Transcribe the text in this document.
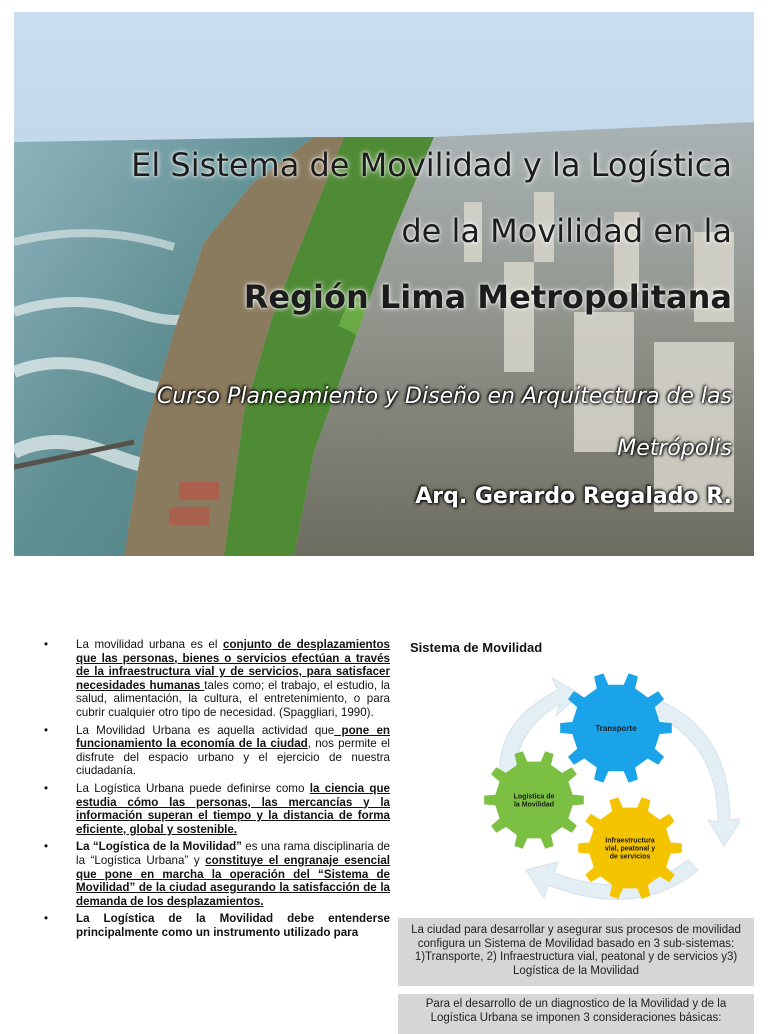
El Sistema de Movilidad y la Logística
de la Movilidad en la
Región Lima Metropolitana
Curso Planeamiento y Diseño en Arquitectura de las
Metrópolis
Arq. Gerardo Regalado R.
• La movilidad urbana es el conjunto de desplazamientos que las personas, bienes o servicios efectúan a través de la infraestructura vial y de servicios, para satisfacer necesidades humanas tales como; el trabajo, el estudio, la salud, alimentación, la cultura, el entretenimiento, o para cubrir cualquier otro tipo de necesidad. (Spaggliari, 1990).
• La Movilidad Urbana es aquella actividad que pone en funcionamiento la economía de la ciudad, nos permite el disfrute del espacio urbano y el ejercicio de nuestra ciudadanía.
• La Logística Urbana puede definirse como la ciencia que estudia cómo las personas, las mercancías y la información superan el tiempo y la distancia de forma eficiente, global y sostenible.
• La “Logística de la Movilidad” es una rama disciplinaria de la “Logística Urbana” y constituye el engranaje esencial que pone en marcha la operación del “Sistema de Movilidad” de la ciudad asegurando la satisfacción de la demanda de los desplazamientos.
• La Logística de la Movilidad debe entenderse principalmente como un instrumento utilizado para
Sistema de Movilidad
Transporte
Logística de
la Movilidad
Infraestructura
vial, peatonal y
de servicios
La ciudad para desarrollar y asegurar sus procesos de movilidad configura un Sistema de Movilidad basado en 3 sub-sistemas: 1)Transporte, 2) Infraestructura vial, peatonal y de servicios y3) Logística de la Movilidad
Para el desarrollo de un diagnostico de la Movilidad y de la Logística Urbana se imponen 3 consideraciones básicas:
